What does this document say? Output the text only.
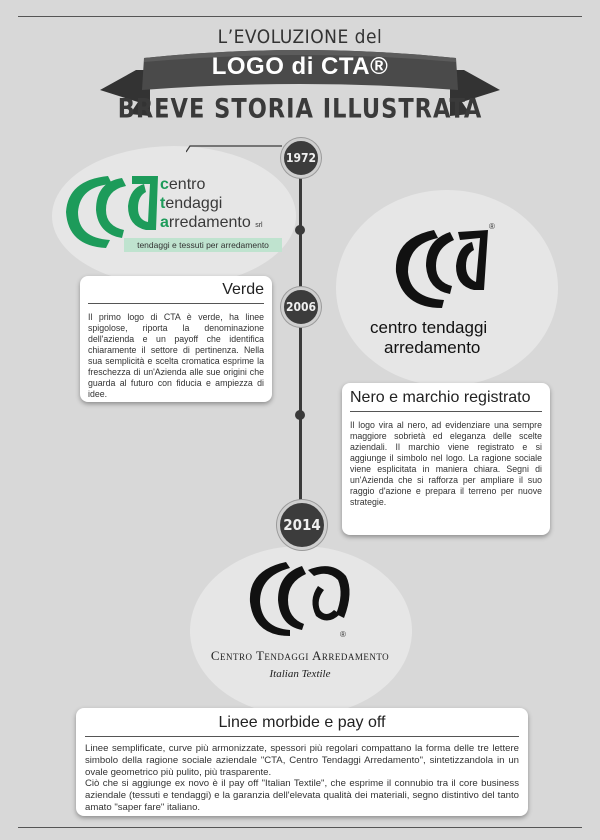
L’EVOLUZIONE del
LOGO di CTA®
BREVE STORIA ILLUSTRATA
1972
2006
2014
centro
tendaggi
arredamento srl
tendaggi e tessuti per arredamento
®
centro tendaggi
arredamento
®
Centro Tendaggi Arredamento
Italian Textile
Verde

Il primo logo di CTA è verde, ha linee spigolose, riporta la denominazione dell'azienda e un payoff che identifica chiaramente il settore di pertinenza. Nella sua semplicità e scelta cromatica esprime la freschezza di un'Azienda alle sue origini che guarda al futuro con fiducia e ampiezza di idee.	Nero e marchio registrato

Il logo vira al nero, ad evidenziare una sempre maggiore sobrietà ed eleganza delle scelte aziendali. Il marchio viene registrato e si aggiunge il simbolo nel logo. La ragione sociale viene esplicitata in maniera chiara. Segni di un'Azienda che si rafforza per ampliare il suo raggio d'azione e prepara il terreno per nuove strategie.

Linee morbide e pay off

Linee semplificate, curve più armonizzate, spessori più regolari compattano la forma delle tre lettere simbolo della ragione sociale aziendale "CTA, Centro Tendaggi Arredamento", sintetizzandola in un ovale geometrico più pulito, più trasparente.

Ciò che si aggiunge ex novo è il pay off "Italian Textile", che esprime il connubio tra il core business aziendale (tessuti e tendaggi) e la garanzia dell'elevata qualità dei materiali, segno distintivo del tanto amato "saper fare" italiano.
